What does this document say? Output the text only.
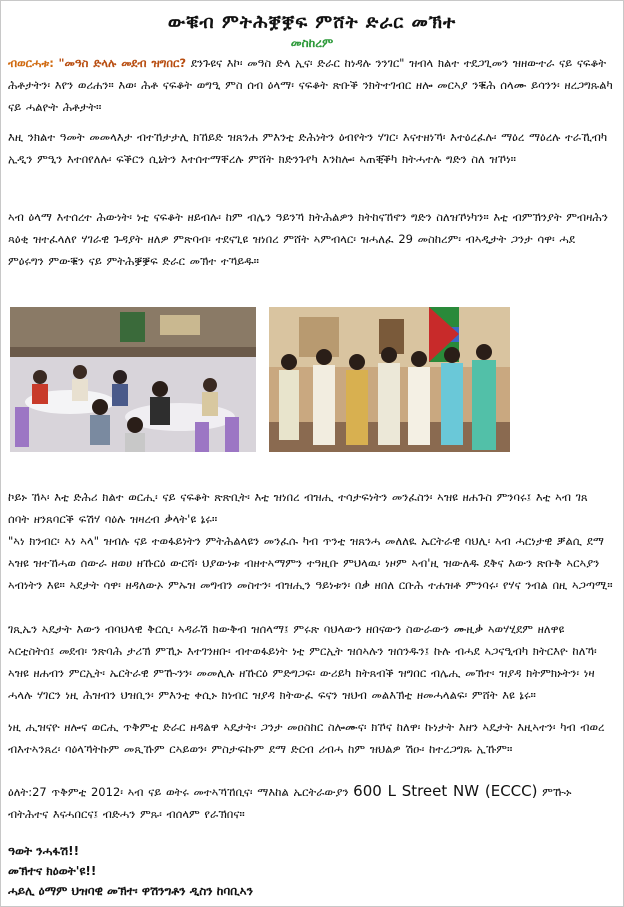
ውቑብ ምትሕቛቛፍ ምሸት ድራር መኽተ
መስከረም
ብወርሓቱ: "መዓስ ድላሉ መደብ ዝግበር? ደንጉዩና እኮ፡ መዓስ ድላ ኢና፡ ድራር ከነዳሉ ንንገር" ዝብላ ክልተ ተደጋጊመን ዝዘውተራ ናይ ናፍቆት ሕቶታትን፡ እየን ወሪሐን። እወ፡ ሕቶ ናፍቆት ወግዒ ምስ ሰብ ዕላማ፡ ናፍቆት ጽቡቕ ንክትተገብር ዘሎ መርኣያ ንቑሕ ሰላሙ ይሳንን፡ ዘረጋግጹልካ ናይ ሓልዮት ሕቶታት።
እዚ ንክልተ ዓመት መመላእታ ብተኸታታሊ ክኸይድ ዝጸንሐ ምእንቲ ድሕነትን ዕብየትን ሃገር፡ እናተዘነኻ፡ እተዕረፈሉ፡ ማዕረ ማዕረሉ ተራኺብካ ኢዲን ምዒን እተበየለሉ፡ ፍቕርን ሲኒትን እተሰተማቐረሉ ምሸት ክድንጉየካ እንከሎ፡ ኣጠቒቕካ ክትሓተሉ ግድን ስለ ዝኾነ።
ኣብ ዕላማ እተሰረተ ሕውነት፡ ነቲ ናፍቆት ዘይብሉ፡ ከም ብሌን ዓይንኻ ክትሕልዎን ክትከናኸኖን ግድን ስለዝኾነካን። እቲ ብምኽንያት ምብዛሕን ጻዕቂ ዝተፈላለየ ሃገራዊ ጉዳያት ዘለዎ ምጽባብ፡ ተደናጊዩ ዝነበረ ምሸት ኣምብላር፡ ዝሓለፈ 29 መስከረም፡ ብኣዲታት ጋንታ ሳዋ፡ ሓደ ምዕሩግን ምውቑን ናይ ምትሕቛቛፍ ድራር መኽተ ተኻይዱ።
ኮይኑ ኸኣ፡ እቲ ድሕሪ ክልተ ወርሒ፡ ናይ ናፍቆት ጽጽቢት፡ እቲ ዝነበረ ብዝሒ ተሳታፍነትን መንፈስን፡ ኣዝዩ ዘሐጉስ ምንባሩ፤ እቲ ኣብ ገጸ ሰባት ዘንጸባርቕ ፍሽሃ ባዕሉ ዝዛረብ ቃላት'ዩ ኔሩ።
"ኣነ ክንብር፡ ኣነ ኣላ" ዝብሉ ናይ ተወፋይነትን ምትሕልላዩን መንፈሱ ካብ ጥንቲ ዝጸንሓ መለለዪ ኤርትራዊ ባህሊ፡ ኣብ ሓርነታዊ ቓልሲ ደማ ኣዝዩ ዝተኸሓወ ሰውራ ዘወሀ ዘኹርዕ ውርሻ፡ ህያውነቱ ብዘተኣማምን ተዓዚቡ ምህላዉ፡ ነዞም ኣብ'ዚ ዝውለዱ ደቅና እውን ጽቡቅ ኣርኣያን ኣብነትን እዩ። ኣደታት ሳዋ፡ ዘዳለውኦ ምኡዝ መግብን መስተን፡ ብዝሒን ዓይነቱን፡ በቃ ዘበለ ርቡሕ ተሐዝቶ ምንባሩ፡ የሃና ንብል በዚ ኣጋጣሚ።
ገጺኤን ኣዴታት እውን ብባህላዊ ቅርሲ፡ ኣዳራሽ ክውቅብ ዝሰላማ፤ ምሩጽ ባህላውን ዘበናውን ስውራውን ሙዚቃ ኣወሃሂደም ዘለዋዩ ኣርቲስትሰ፤ መደብ፡ ንጽባሕ ታሪኽ ምኺኑ እተገንዘቡ፡ ብተወፋይነት ነቲ ምርኢት ዝሰኣሉን ዝሰንዱን፤ ኩሉ ብሓደ ኣጋናዒብካ ክትርእዮ ከለኻ፡ ኣዝዩ ዘሐብን ምርኢት፡ ኤርትራዊ ምዂንን፡ መመሊሉ ዘኹርዕ ምድግጋፍ፡ ውሪይካ ክትጸብቕ ዝግበር ብሌሒ መኽተ፡ ዝያዳ ክትምክኑትን፡ ነዛ ሓላሉ ሃገርን ነዚ ሕዝብን ህዝቢን፡ ምእንቲ ቀሲኑ ክነብር ዝያዳ ክትውፈ ፍናን ዝህብ መልእኽቲ ዘመሓላልፍ፡ ምሸት እዩ ኔሩ።
ነዚ ሒዝናዮ ዘሎና ወርሒ ጥቅምቲ ድራር ዘዳልዋ ኣዴታት፡ ጋንታ መዐስከር ስሎሙና፡ ክኾና ከለዋ፡ ኩነታት እዘን ኣዴታት እዚኣተን፡ ካብ ብወረ ብእተኣንጸረ፡ ባዕላኻትኩም መጺኹም ርኣይወን፡ ምስታፍኩም ደማ ድርብ ሪብሓ ከም ዝህልዎ ሽዑ፡ ከተረጋግጹ ኢኹም።
ዕለት:27 ጥቅምቲ 2012፡ ኣብ ናይ ወትሩ መተኣኻኸቢና፡ ማእከል ኤርትራውያን 600 L Street NW (ECCC) ምዂኑ ብትሕተና እናሓበርና፤ ብድሓን ምጹ፡ ብሰላም የራኽበና።
ዓወት ንሓፋሽ!!
መኽተና ክዕወት'ዩ!!
ሓይሊ ዕማም ህዝባዊ መኽተ፡ ዋሽንግቶን ዲስን ከባቢኣን
